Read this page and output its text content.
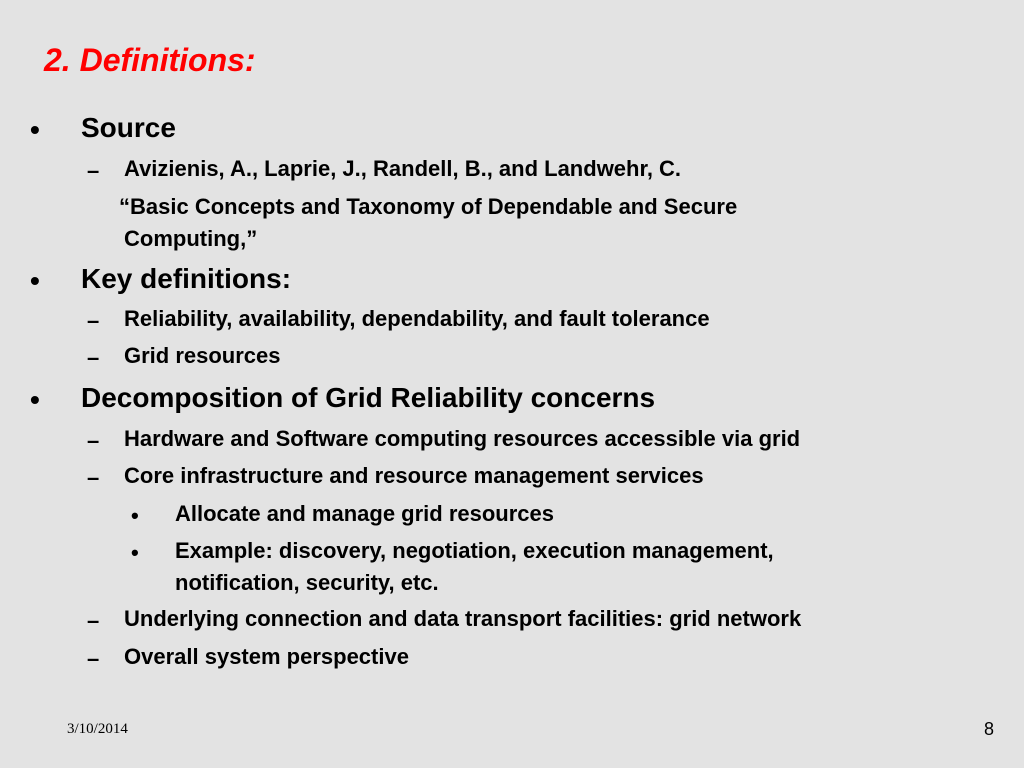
2. Definitions:
• Source
– Avizienis, A., Laprie, J., Randell, B., and Landwehr, C.
“Basic Concepts and Taxonomy of Dependable and Secure
Computing,”
• Key definitions:
– Reliability, availability, dependability, and fault tolerance
– Grid resources
• Decomposition of Grid Reliability concerns
– Hardware and Software computing resources accessible via grid
– Core infrastructure and resource management services
• Allocate and manage grid resources
• Example: discovery, negotiation, execution management,
notification, security, etc.
– Underlying connection and data transport facilities: grid network
– Overall system perspective
3/10/2014	8
